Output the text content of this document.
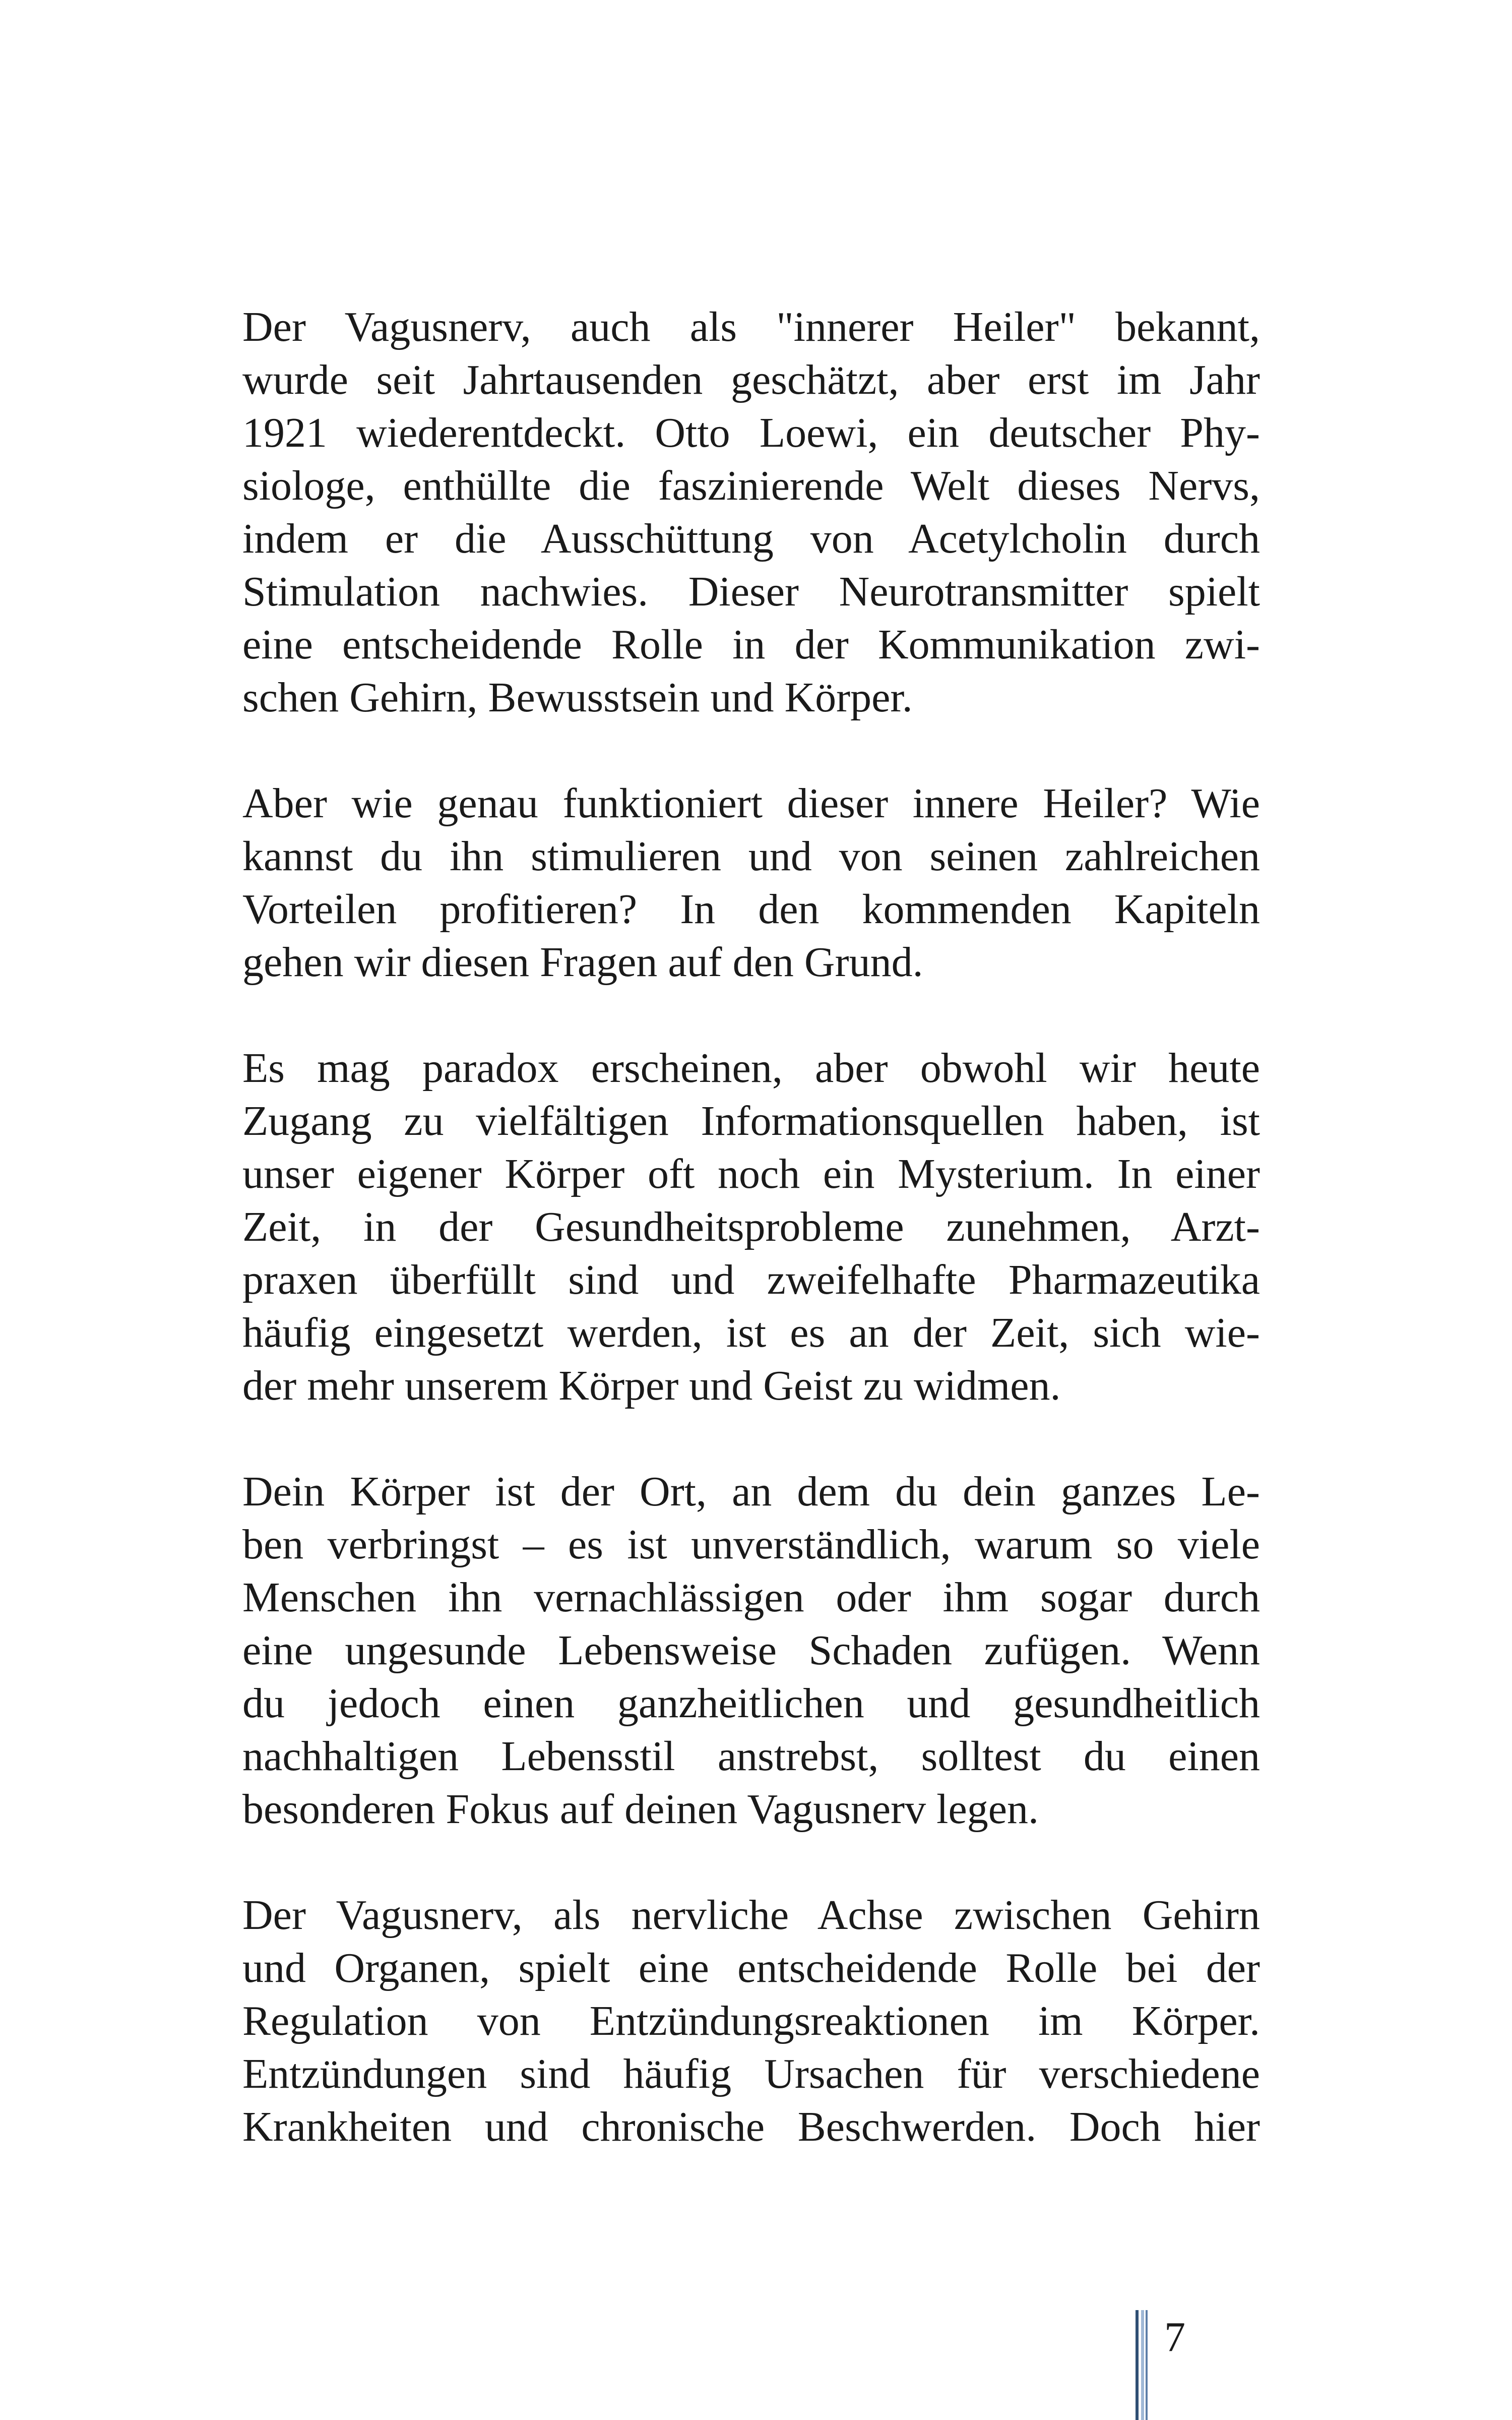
Der Vagusnerv, auch als "innerer Heiler" bekannt,
wurde seit Jahrtausenden geschätzt, aber erst im Jahr
1921 wiederentdeckt. Otto Loewi, ein deutscher Phy-
siologe, enthüllte die faszinierende Welt dieses Nervs,
indem er die Ausschüttung von Acetylcholin durch
Stimulation nachwies. Dieser Neurotransmitter spielt
eine entscheidende Rolle in der Kommunikation zwi-
schen Gehirn, Bewusstsein und Körper.

Aber wie genau funktioniert dieser innere Heiler? Wie
kannst du ihn stimulieren und von seinen zahlreichen
Vorteilen profitieren? In den kommenden Kapiteln
gehen wir diesen Fragen auf den Grund.

Es mag paradox erscheinen, aber obwohl wir heute
Zugang zu vielfältigen Informationsquellen haben, ist
unser eigener Körper oft noch ein Mysterium. In einer
Zeit, in der Gesundheitsprobleme zunehmen, Arzt-
praxen überfüllt sind und zweifelhafte Pharmazeutika
häufig eingesetzt werden, ist es an der Zeit, sich wie-
der mehr unserem Körper und Geist zu widmen.

Dein Körper ist der Ort, an dem du dein ganzes Le-
ben verbringst – es ist unverständlich, warum so viele
Menschen ihn vernachlässigen oder ihm sogar durch
eine ungesunde Lebensweise Schaden zufügen. Wenn
du jedoch einen ganzheitlichen und gesundheitlich
nachhaltigen Lebensstil anstrebst, solltest du einen
besonderen Fokus auf deinen Vagusnerv legen.

Der Vagusnerv, als nervliche Achse zwischen Gehirn
und Organen, spielt eine entscheidende Rolle bei der
Regulation von Entzündungsreaktionen im Körper.
Entzündungen sind häufig Ursachen für verschiedene
Krankheiten und chronische Beschwerden. Doch hier

7
